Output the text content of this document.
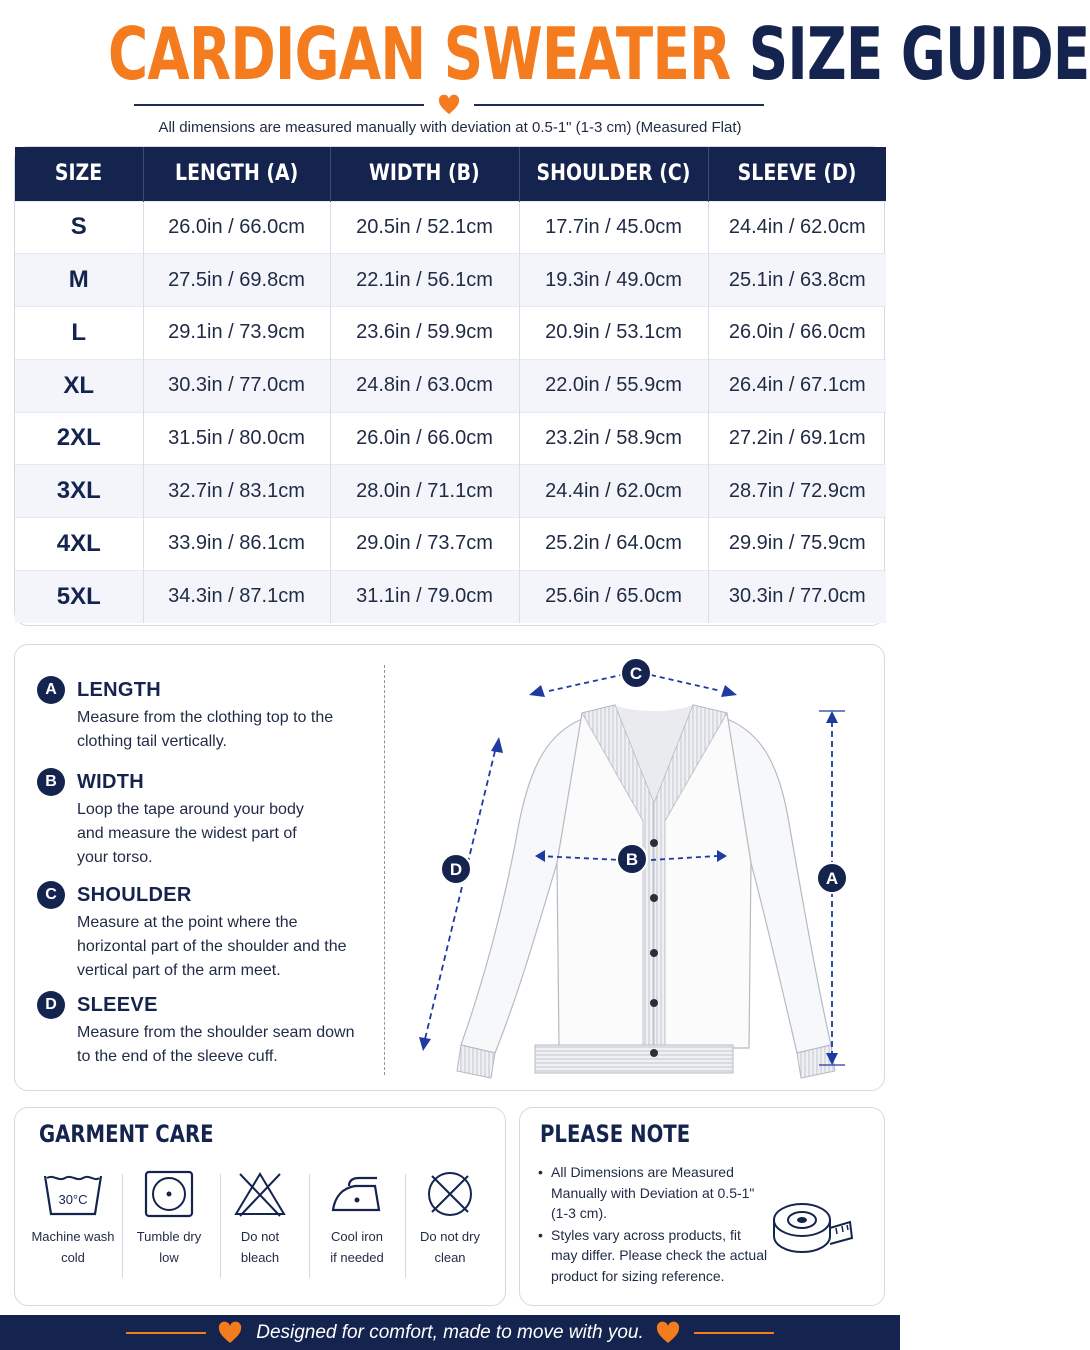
CARDIGAN SWEATER SIZE GUIDE
All dimensions are measured manually with deviation at 0.5-1" (1-3 cm) (Measured Flat)
SIZE	LENGTH (A)	WIDTH (B)	SHOULDER (C)	SLEEVE (D)
S	26.0in / 66.0cm	20.5in / 52.1cm	17.7in / 45.0cm	24.4in / 62.0cm
M	27.5in / 69.8cm	22.1in / 56.1cm	19.3in / 49.0cm	25.1in / 63.8cm
L	29.1in / 73.9cm	23.6in / 59.9cm	20.9in / 53.1cm	26.0in / 66.0cm
XL	30.3in / 77.0cm	24.8in / 63.0cm	22.0in / 55.9cm	26.4in / 67.1cm
2XL	31.5in / 80.0cm	26.0in / 66.0cm	23.2in / 58.9cm	27.2in / 69.1cm
3XL	32.7in / 83.1cm	28.0in / 71.1cm	24.4in / 62.0cm	28.7in / 72.9cm
4XL	33.9in / 86.1cm	29.0in / 73.7cm	25.2in / 64.0cm	29.9in / 75.9cm
5XL	34.3in / 87.1cm	31.1in / 79.0cm	25.6in / 65.0cm	30.3in / 77.0cm
A	LENGTH
Measure from the clothing top to the clothing tail vertically.
B	WIDTH
Loop the tape around your body and measure the widest part of your torso.
C	SHOULDER
Measure at the point where the horizontal part of the shoulder and the vertical part of the arm meet.
D	SLEEVE
Measure from the shoulder seam down to the end of the sleeve cuff.
C
B
A
D
GARMENT CARE
30°C
Machine wash
cold
Tumble dry
low
Do not
bleach
Cool iron
if needed
Do not dry
clean
PLEASE NOTE
• All Dimensions are Measured Manually with Deviation at 0.5-1" (1-3 cm).
• Styles vary across products, fit may differ. Please check the actual product for sizing reference.
Designed for comfort, made to move with you.
